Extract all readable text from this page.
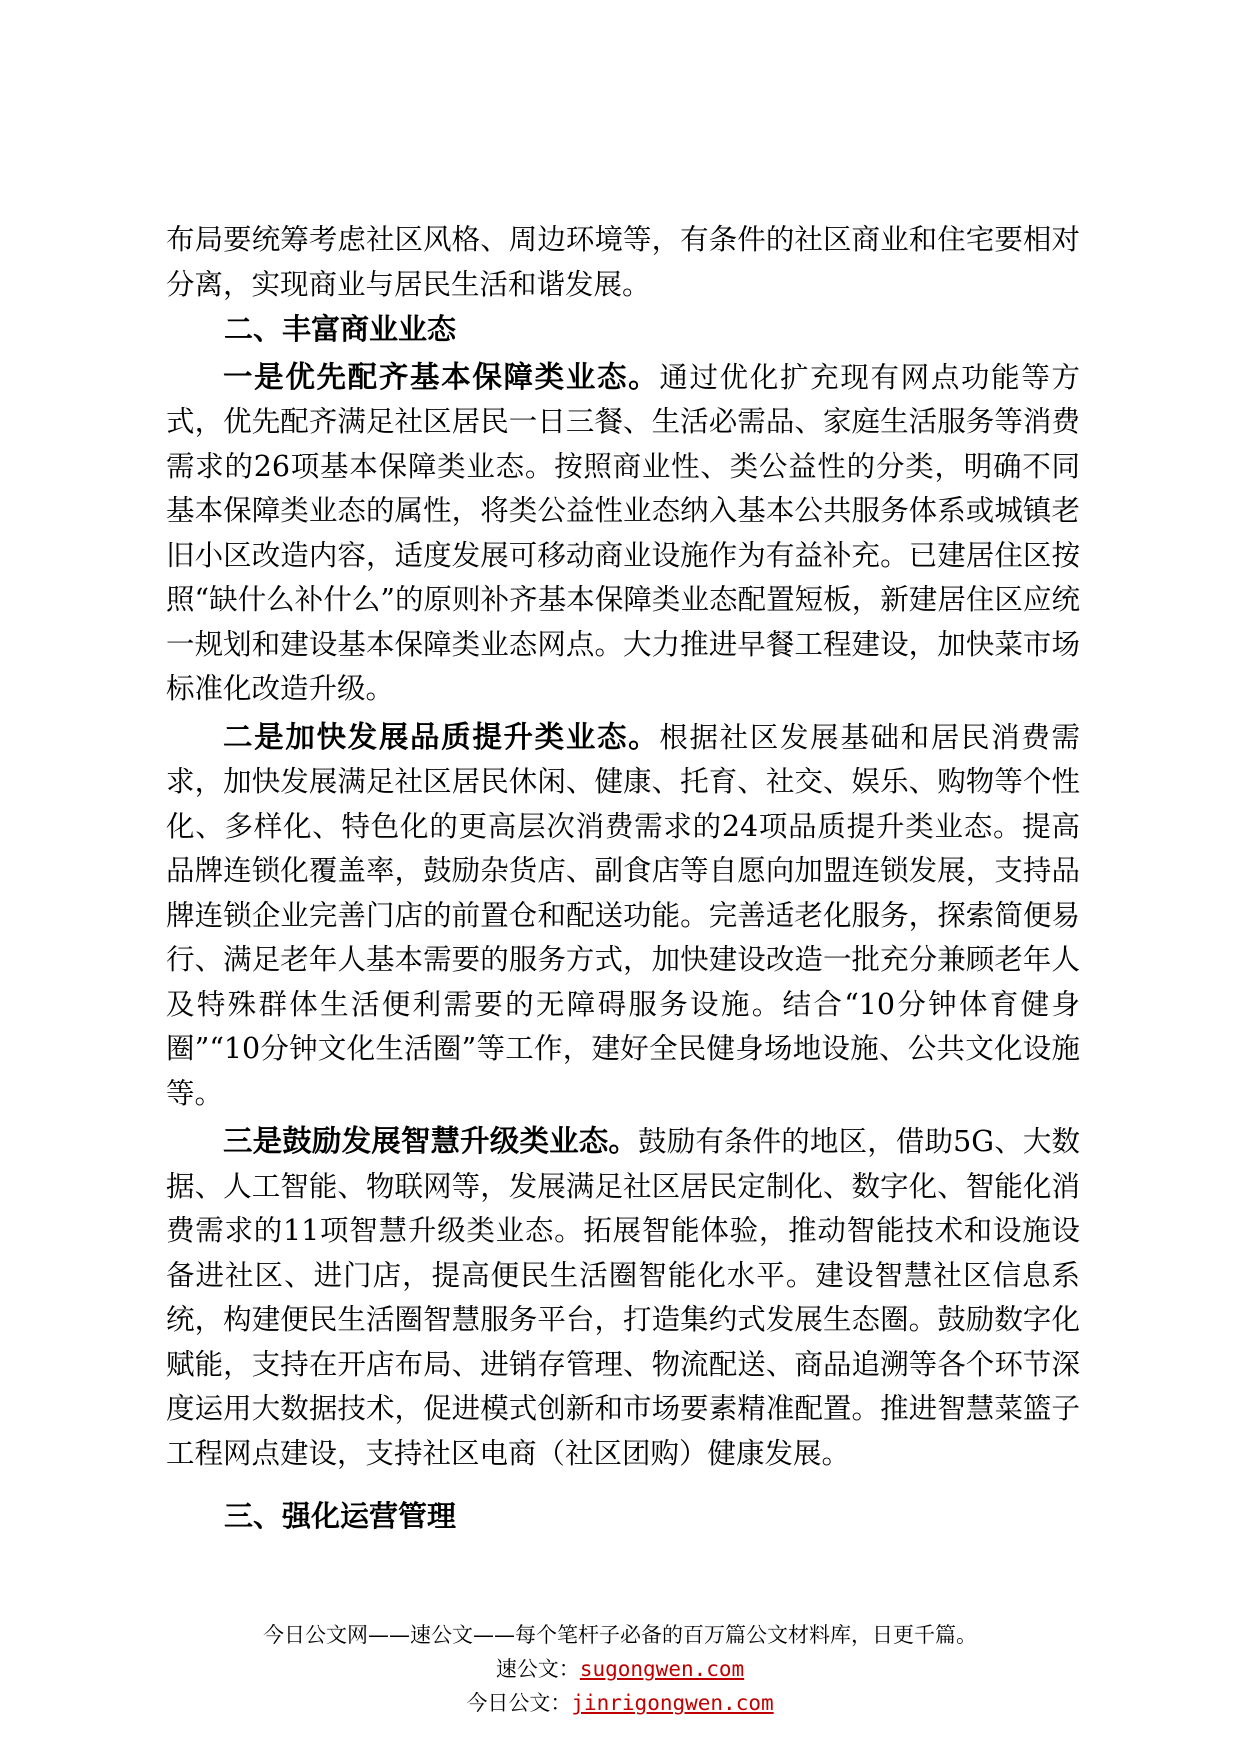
布局要统筹考虑社区风格、周边环境等，有条件的社区商业和住宅要相对分离，实现商业与居民生活和谐发展。

二、丰富商业业态

一是优先配齐基本保障类业态。通过优化扩充现有网点功能等方式，优先配齐满足社区居民一日三餐、生活必需品、家庭生活服务等消费需求的26项基本保障类业态。按照商业性、类公益性的分类，明确不同基本保障类业态的属性，将类公益性业态纳入基本公共服务体系或城镇老旧小区改造内容，适度发展可移动商业设施作为有益补充。已建居住区按照“缺什么补什么”的原则补齐基本保障类业态配置短板，新建居住区应统一规划和建设基本保障类业态网点。大力推进早餐工程建设，加快菜市场标准化改造升级。

二是加快发展品质提升类业态。根据社区发展基础和居民消费需求，加快发展满足社区居民休闲、健康、托育、社交、娱乐、购物等个性化、多样化、特色化的更高层次消费需求的24项品质提升类业态。提高品牌连锁化覆盖率，鼓励杂货店、副食店等自愿向加盟连锁发展，支持品牌连锁企业完善门店的前置仓和配送功能。完善适老化服务，探索简便易行、满足老年人基本需要的服务方式，加快建设改造一批充分兼顾老年人及特殊群体生活便利需要的无障碍服务设施。结合“10分钟体育健身圈”“10分钟文化生活圈”等工作，建好全民健身场地设施、公共文化设施等。

三是鼓励发展智慧升级类业态。鼓励有条件的地区，借助5G、大数据、人工智能、物联网等，发展满足社区居民定制化、数字化、智能化消费需求的11项智慧升级类业态。拓展智能体验，推动智能技术和设施设备进社区、进门店，提高便民生活圈智能化水平。建设智慧社区信息系统，构建便民生活圈智慧服务平台，打造集约式发展生态圈。鼓励数字化赋能，支持在开店布局、进销存管理、物流配送、商品追溯等各个环节深度运用大数据技术，促进模式创新和市场要素精准配置。推进智慧菜篮子工程网点建设，支持社区电商（社区团购）健康发展。

三、强化运营管理
今日公文网——速公文——每个笔杆子必备的百万篇公文材料库，日更千篇。
速公文：sugongwen.com
今日公文：jinrigongwen.com
